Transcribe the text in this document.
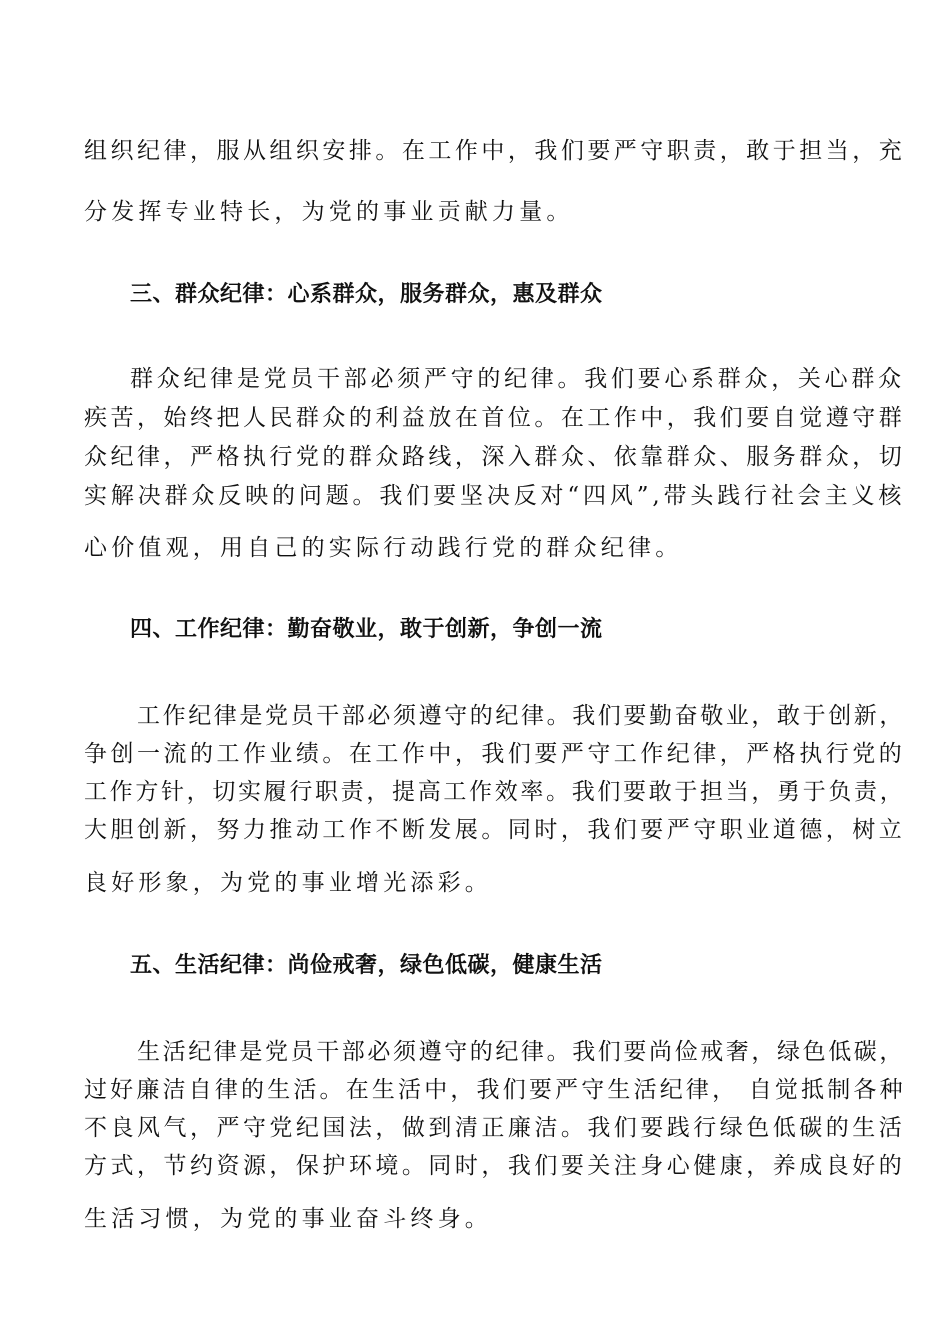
组织纪律，服从组织安排。在工作中，我们要严守职责，敢于担当，充
分发挥专业特长，为党的事业贡献力量。
三、群众纪律：心系群众，服务群众，惠及群众
群众纪律是党员干部必须严守的纪律。我们要心系群众，关心群众
疾苦，始终把人民群众的利益放在首位。在工作中，我们要自觉遵守群
众纪律，严格执行党的群众路线，深入群众、依靠群众、服务群众，切
实解决群众反映的问题。我们要坚决反对“四风”,带头践行社会主义核
心价值观，用自己的实际行动践行党的群众纪律。
四、工作纪律：勤奋敬业，敢于创新，争创一流
工作纪律是党员干部必须遵守的纪律。我们要勤奋敬业，敢于创新，
争创一流的工作业绩。在工作中，我们要严守工作纪律，严格执行党的
工作方针，切实履行职责，提高工作效率。我们要敢于担当，勇于负责，
大胆创新，努力推动工作不断发展。同时，我们要严守职业道德，树立
良好形象，为党的事业增光添彩。
五、生活纪律：尚俭戒奢，绿色低碳，健康生活
生活纪律是党员干部必须遵守的纪律。我们要尚俭戒奢，绿色低碳，
过好廉洁自律的生活。在生活中，我们要严守生活纪律， 自觉抵制各种
不良风气，严守党纪国法，做到清正廉洁。我们要践行绿色低碳的生活
方式，节约资源，保护环境。同时，我们要关注身心健康，养成良好的
生活习惯，为党的事业奋斗终身。
